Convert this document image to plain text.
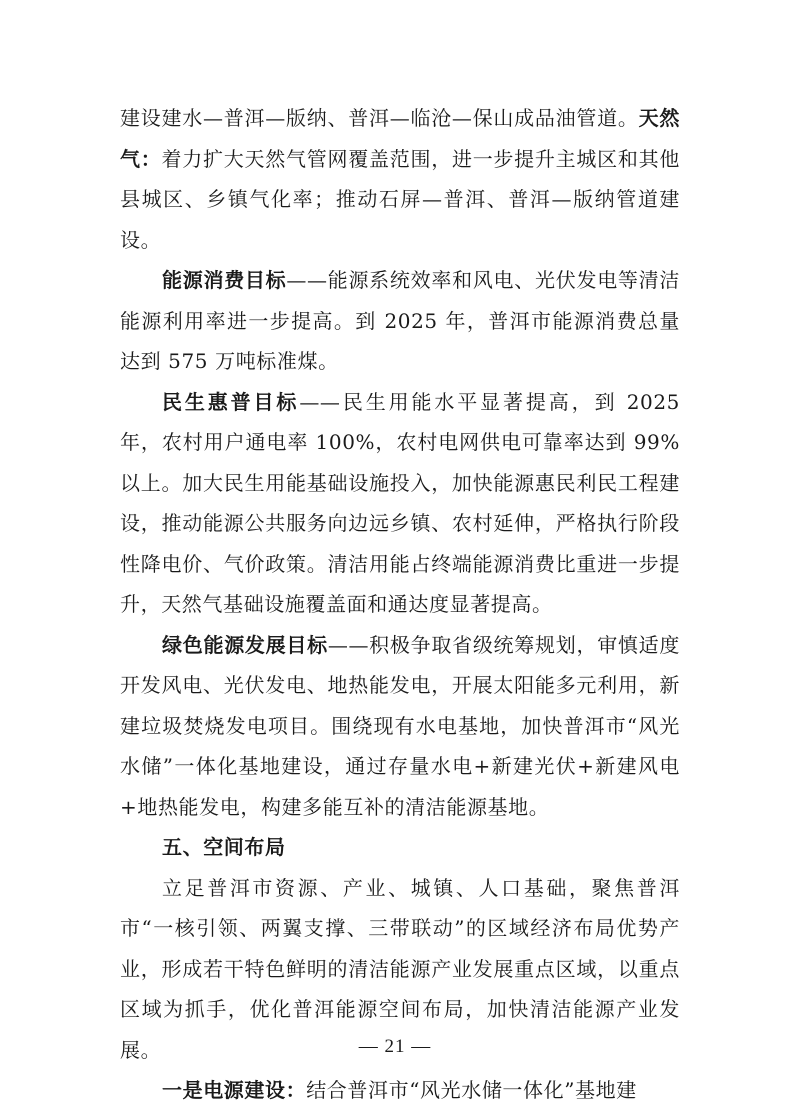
建设建水—普洱—版纳、普洱—临沧—保山成品油管道。天然气：着力扩大天然气管网覆盖范围，进一步提升主城区和其他县城区、乡镇气化率；推动石屏—普洱、普洱—版纳管道建设。

能源消费目标——能源系统效率和风电、光伏发电等清洁能源利用率进一步提高。到 2025 年，普洱市能源消费总量达到 575 万吨标准煤。

民生惠普目标——民生用能水平显著提高，到 2025 年，农村用户通电率 100%，农村电网供电可靠率达到 99%以上。加大民生用能基础设施投入，加快能源惠民利民工程建设，推动能源公共服务向边远乡镇、农村延伸，严格执行阶段性降电价、气价政策。清洁用能占终端能源消费比重进一步提升，天然气基础设施覆盖面和通达度显著提高。

绿色能源发展目标——积极争取省级统筹规划，审慎适度开发风电、光伏发电、地热能发电，开展太阳能多元利用，新建垃圾焚烧发电项目。围绕现有水电基地，加快普洱市“风光水储”一体化基地建设，通过存量水电+新建光伏+新建风电+地热能发电，构建多能互补的清洁能源基地。

五、空间布局

立足普洱市资源、产业、城镇、人口基础，聚焦普洱市“一核引领、两翼支撑、三带联动”的区域经济布局优势产业，形成若干特色鲜明的清洁能源产业发展重点区域，以重点区域为抓手，优化普洱能源空间布局，加快清洁能源产业发展。

一是电源建设：结合普洱市“风光水储一体化”基地建

— 21 —
